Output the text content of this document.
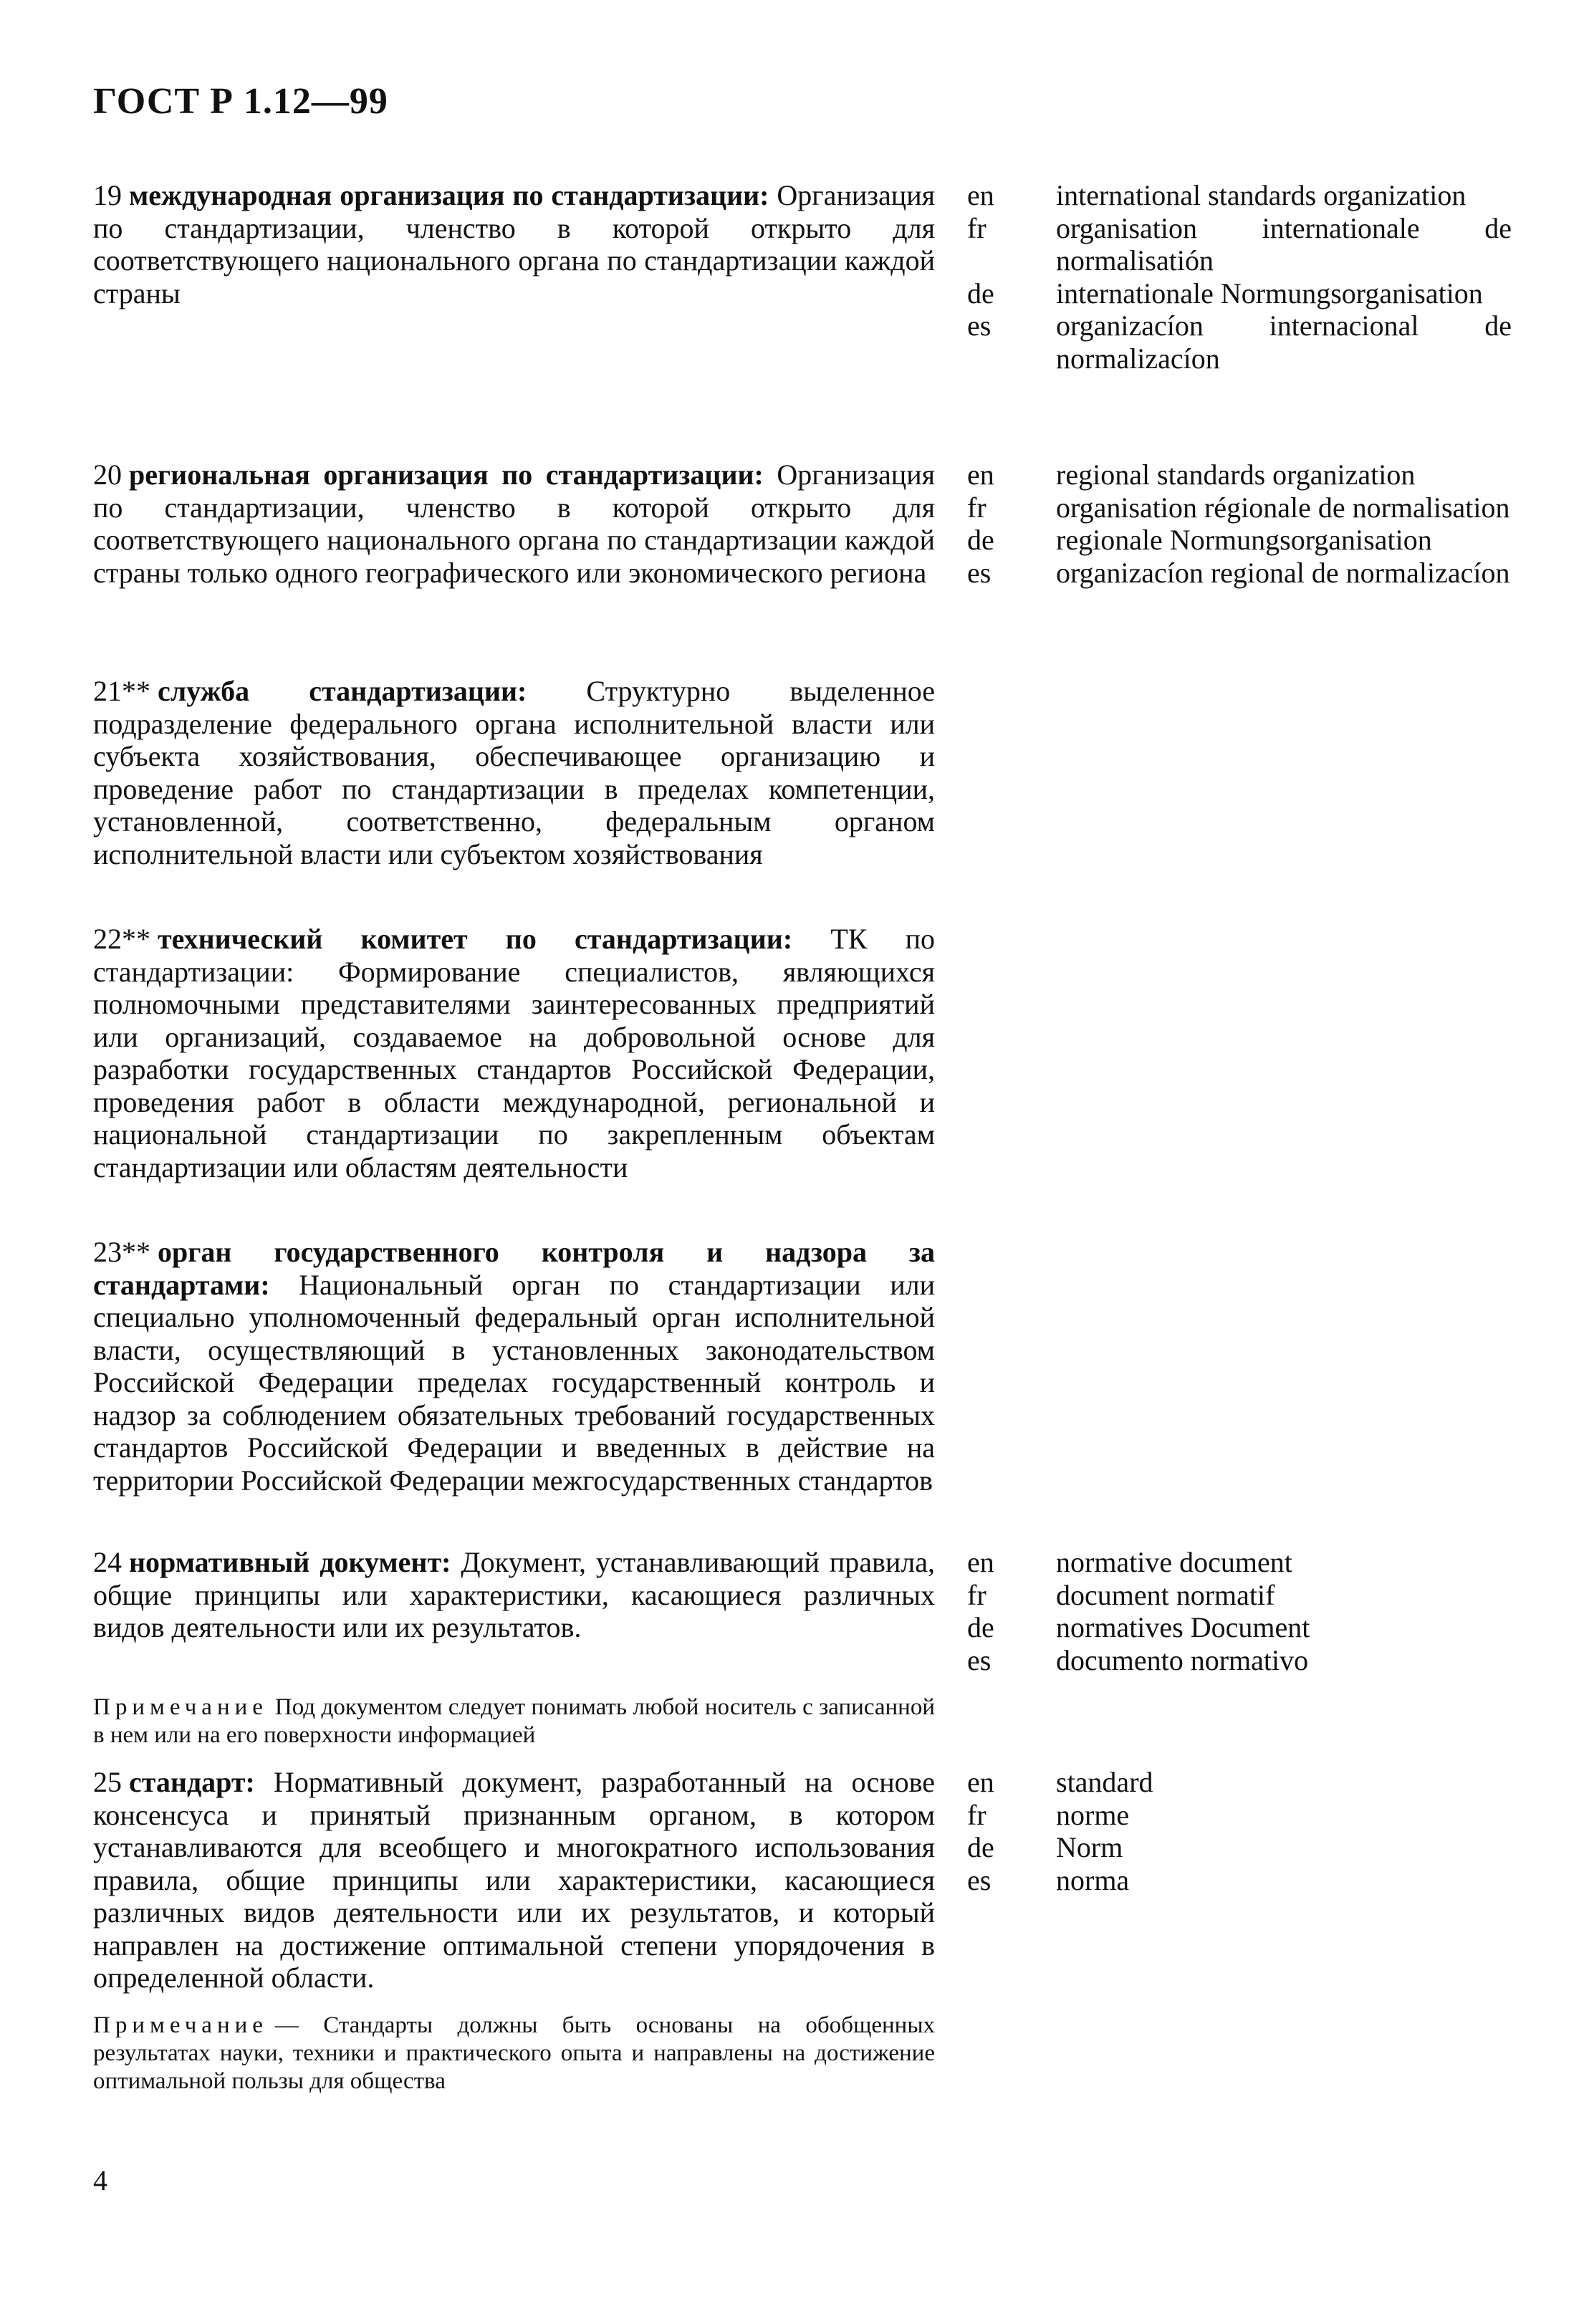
ГОСТ Р 1.12—99
19 международная организация по стандартизации: Организация по стандартизации, членство в которой открыто для соответствующего национального органа по стандартизации каждой страны
en	international standards organization
fr	organisation internationale de normalisatión
de	internationale Normungsorganisation
es	organizacíon internacional de normalizacíon
20 региональная организация по стандартизации: Организация по стандартизации, членство в которой открыто для соответствующего национального органа по стандартизации каждой страны только одного географического или экономического региона
en	regional standards organization
fr	organisation régionale de normalisation
de	regionale Normungsorganisation
es	organizacíon regional de normalizacíon
21** служба стандартизации: Структурно выделенное подразделение федерального органа исполнительной власти или субъекта хозяйствования, обеспечивающее организацию и проведение работ по стандартизации в пределах компетенции, установленной, соответственно, федеральным органом исполнительной власти или субъектом хозяйствования
22** технический комитет по стандартизации: ТК по стандартизации: Формирование специалистов, являющихся полномочными представителями заинтересованных предприятий или организаций, создаваемое на добровольной основе для разработки государственных стандартов Российской Федерации, проведения работ в области международной, региональной и национальной стандартизации по закрепленным объектам стандартизации или областям деятельности
23** орган государственного контроля и надзора за стандартами: Национальный орган по стандартизации или специально уполномоченный федеральный орган исполнительной власти, осуществляющий в установленных законодательством Российской Федерации пределах государственный контроль и надзор за соблюдением обязательных требований государственных стандартов Российской Федерации и введенных в действие на территории Российской Федерации межгосударственных стандартов
24 нормативный документ: Документ, устанавливающий правила, общие принципы или характеристики, касающиеся различных видов деятельности или их результатов.
en	normative document
fr	document normatif
de	normatives Document
es	documento normativo
Примечание Под документом следует понимать любой носитель с записанной в нем или на его поверхности информацией
25 стандарт: Нормативный документ, разработанный на основе консенсуса и принятый признанным органом, в котором устанавливаются для всеобщего и многократного использования правила, общие принципы или характеристики, касающиеся различных видов деятельности или их результатов, и который направлен на достижение оптимальной степени упорядочения в определенной области.
en	standard
fr	norme
de	Norm
es	norma
Примечание — Стандарты должны быть основаны на обобщенных результатах науки, техники и практического опыта и направлены на достижение оптимальной пользы для общества
4
